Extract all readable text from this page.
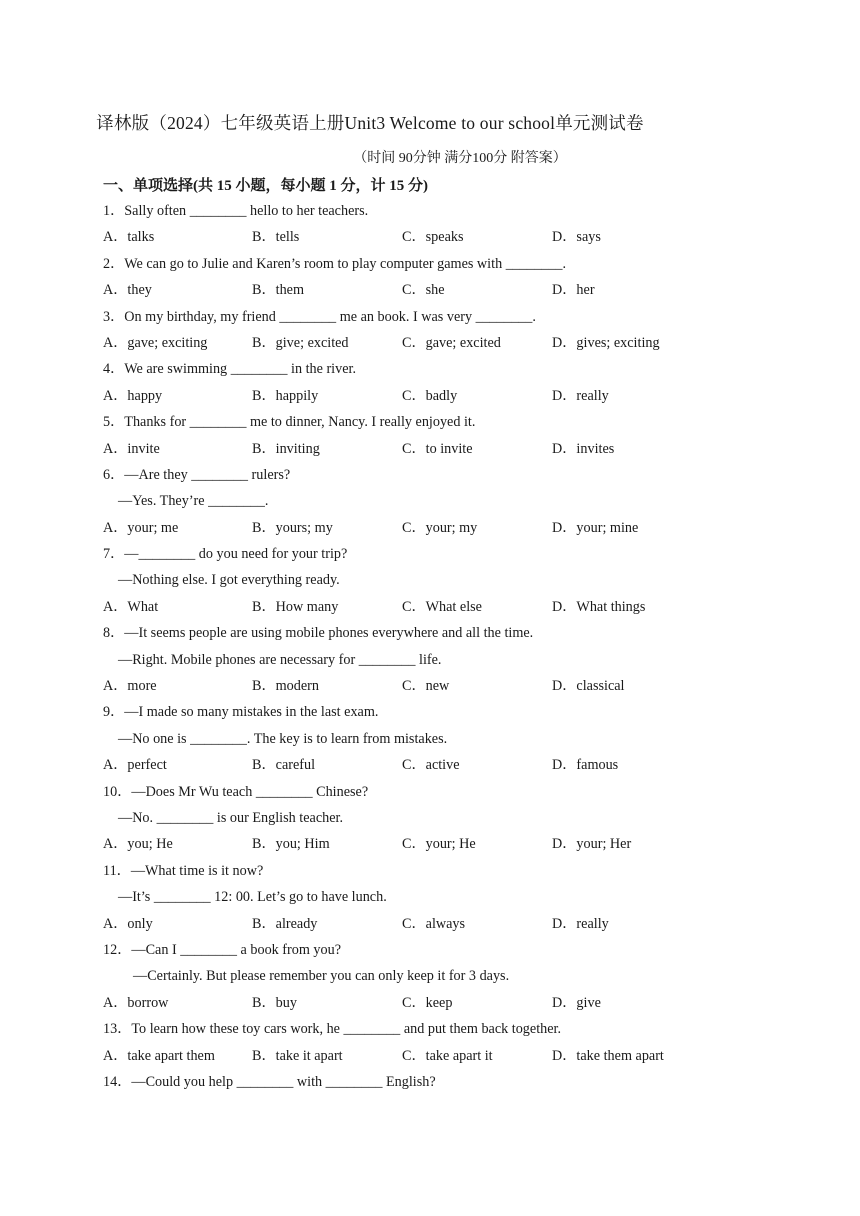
译林版（2024）七年级英语上册Unit3 Welcome to our school单元测试卷
（时间 90分钟 满分100分 附答案）
一、单项选择(共 15 小题，每小题 1 分，计 15 分)
1．Sally often ________ hello to her teachers.
A．talks	B．tells	C．speaks	D．says
2．We can go to Julie and Karen’s room to play computer games with ________.
A．they	B．them	C．she	D．her
3．On my birthday, my friend ________ me an book. I was very ________.
A．gave; exciting	B．give; excited	C．gave; excited	D．gives; exciting
4．We are swimming ________ in the river.
A．happy	B．happily	C．badly	D．really
5．Thanks for ________ me to dinner, Nancy. I really enjoyed it.
A．invite	B．inviting	C．to invite	D．invites
6．—Are they ________ rulers?
—Yes. They’re ________.
A．your; me	B．yours; my	C．your; my	D．your; mine
7．—________ do you need for your trip?
—Nothing else. I got everything ready.
A．What	B．How many	C．What else	D．What things
8．—It seems people are using mobile phones everywhere and all the time.
—Right. Mobile phones are necessary for ________ life.
A．more	B．modern	C．new	D．classical
9．—I made so many mistakes in the last exam.
—No one is ________. The key is to learn from mistakes.
A．perfect	B．careful	C．active	D．famous
10．—Does Mr Wu teach ________ Chinese?
—No. ________ is our English teacher.
A．you; He	B．you; Him	C．your; He	D．your; Her
11．—What time is it now?
—It’s ________ 12: 00. Let’s go to have lunch.
A．only	B．already	C．always	D．really
12．—Can I ________ a book from you?
—Certainly. But please remember you can only keep it for 3 days.
A．borrow	B．buy	C．keep	D．give
13．To learn how these toy cars work, he ________ and put them back together.
A．take apart them	B．take it apart	C．take apart it	D．take them apart
14．—Could you help ________ with ________ English?
